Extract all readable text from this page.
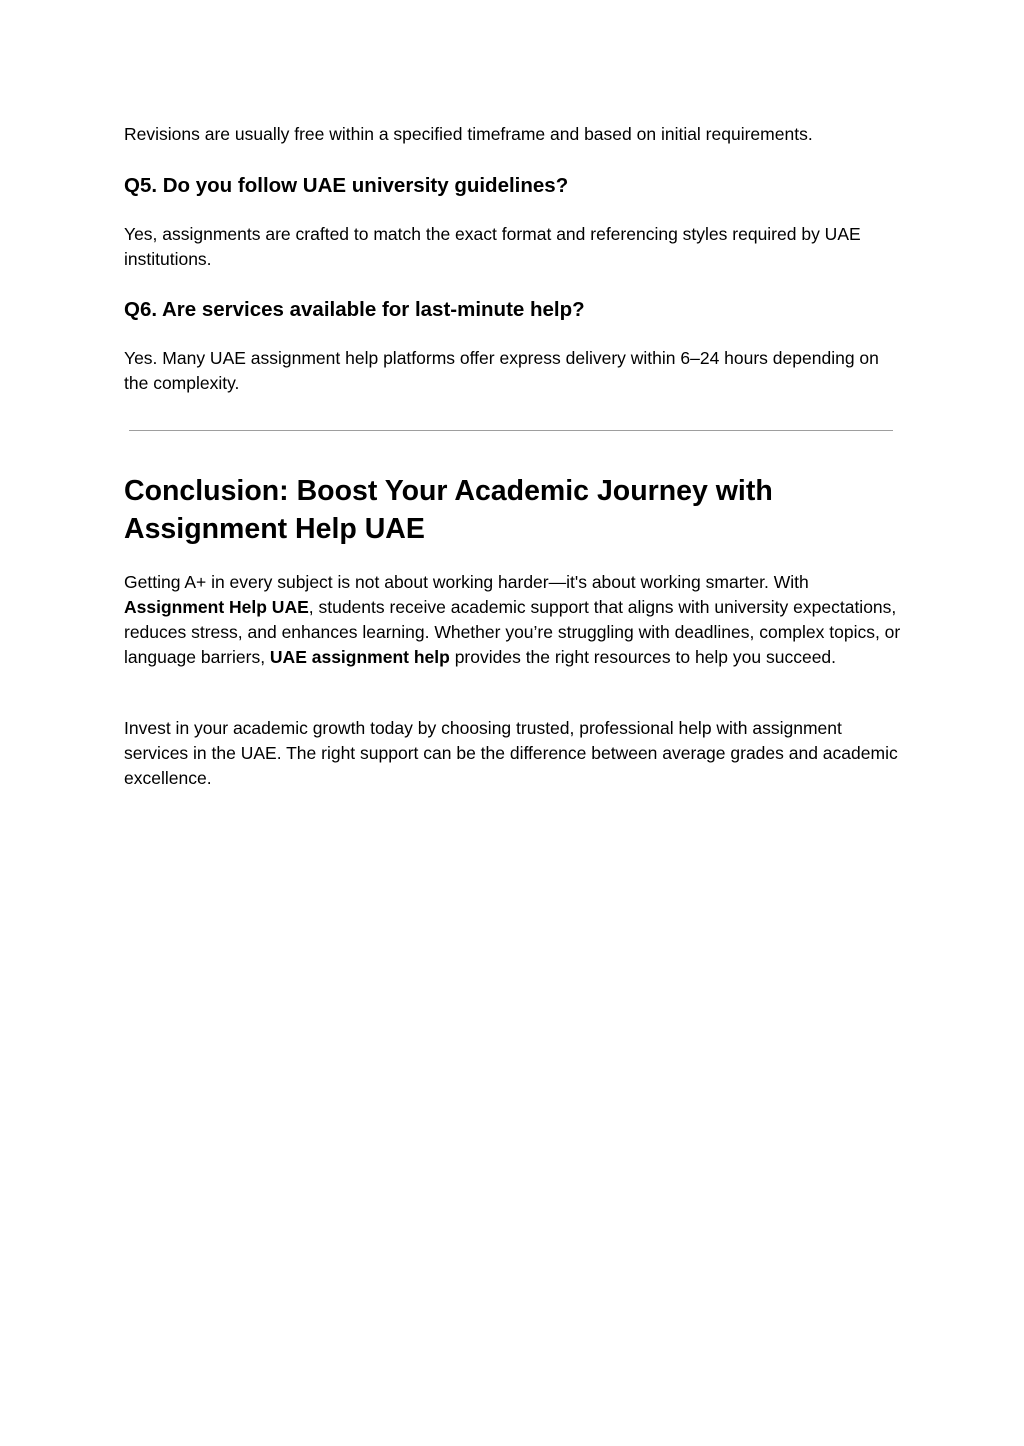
Revisions are usually free within a specified timeframe and based on initial requirements.

Q5. Do you follow UAE university guidelines?

Yes, assignments are crafted to match the exact format and referencing styles required by UAE institutions.

Q6. Are services available for last-minute help?

Yes. Many UAE assignment help platforms offer express delivery within 6–24 hours depending on the complexity.

Conclusion: Boost Your Academic Journey with Assignment Help UAE

Getting A+ in every subject is not about working harder—it's about working smarter. With Assignment Help UAE, students receive academic support that aligns with university expectations, reduces stress, and enhances learning. Whether you’re struggling with deadlines, complex topics, or language barriers, UAE assignment help provides the right resources to help you succeed.

Invest in your academic growth today by choosing trusted, professional help with assignment services in the UAE. The right support can be the difference between average grades and academic excellence.
